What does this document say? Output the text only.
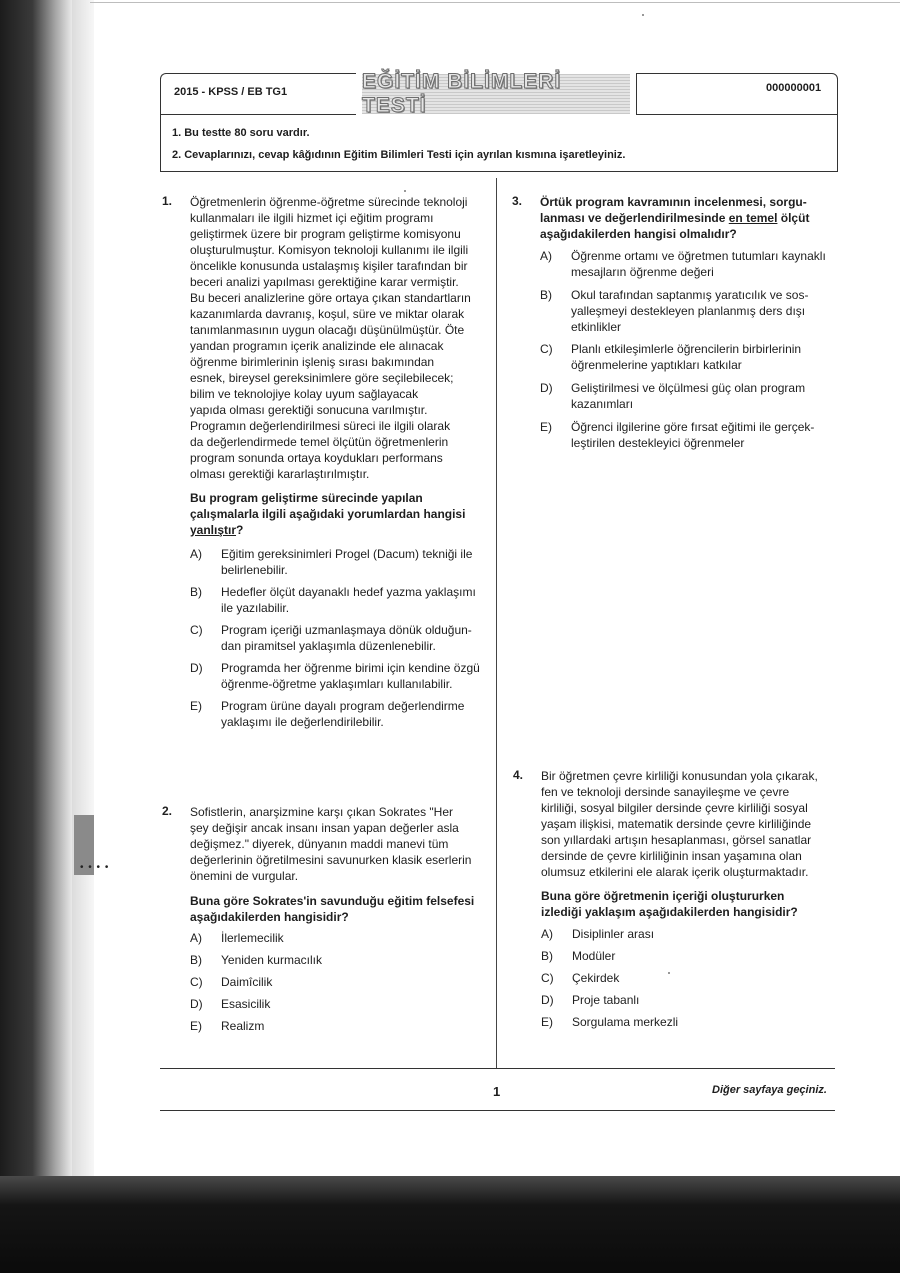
• • • •
2015 - KPSS / EB TG1	EĞİTİM BİLİMLERİ TESTİ
000000001
1. Bu testte 80 soru vardır.
2. Cevaplarınızı, cevap kâğıdının Eğitim Bilimleri Testi için ayrılan kısmına işaretleyiniz.
1. Öğretmenlerin öğrenme-öğretme sürecinde teknoloji
kullanmaları ile ilgili hizmet içi eğitim programı
geliştirmek üzere bir program geliştirme komisyonu
oluşturulmuştur. Komisyon teknoloji kullanımı ile ilgili
öncelikle konusunda ustalaşmış kişiler tarafından bir
beceri analizi yapılması gerektiğine karar vermiştir.
Bu beceri analizlerine göre ortaya çıkan standartların
kazanımlarda davranış, koşul, süre ve miktar olarak
tanımlanmasının uygun olacağı düşünülmüştür. Öte
yandan programın içerik analizinde ele alınacak
öğrenme birimlerinin işleniş sırası bakımından
esnek, bireysel gereksinimlere göre seçilebilecek;
bilim ve teknolojiye kolay uyum sağlayacak
yapıda olması gerektiği sonucuna varılmıştır.
Programın değerlendirilmesi süreci ile ilgili olarak
da değerlendirmede temel ölçütün öğretmenlerin
program sonunda ortaya koydukları performans
olması gerektiği kararlaştırılmıştır.
Bu program geliştirme sürecinde yapılan
çalışmalarla ilgili aşağıdaki yorumlardan hangisi
yanlıştır?
A)	Eğitim gereksinimleri Progel (Dacum) tekniği ile
belirlenebilir.
B)	Hedefler ölçüt dayanaklı hedef yazma yaklaşımı
ile yazılabilir.
C)	Program içeriği uzmanlaşmaya dönük olduğun-
dan piramitsel yaklaşımla düzenlenebilir.
D)	Programda her öğrenme birimi için kendine özgü
öğrenme-öğretme yaklaşımları kullanılabilir.
E)	Program ürüne dayalı program değerlendirme
yaklaşımı ile değerlendirilebilir.
2. Sofistlerin, anarşizmine karşı çıkan Sokrates "Her
şey değişir ancak insanı insan yapan değerler asla
değişmez." diyerek, dünyanın maddi manevi tüm
değerlerinin öğretilmesini savunurken klasik eserlerin
önemini de vurgular.
Buna göre Sokrates'in savunduğu eğitim felsefesi
aşağıdakilerden hangisidir?
A)	İlerlemecilik
B)	Yeniden kurmacılık
C)	Daimîcilik
D)	Esasicilik
E)	Realizm
3. Örtük program kavramının incelenmesi, sorgu-
lanması ve değerlendirilmesinde en temel ölçüt
aşağıdakilerden hangisi olmalıdır?
A)	Öğrenme ortamı ve öğretmen tutumları kaynaklı
mesajların öğrenme değeri
B)	Okul tarafından saptanmış yaratıcılık ve sos-
yalleşmeyi destekleyen planlanmış ders dışı
etkinlikler
C)	Planlı etkileşimlerle öğrencilerin birbirlerinin
öğrenmelerine yaptıkları katkılar
D)	Geliştirilmesi ve ölçülmesi güç olan program
kazanımları
E)	Öğrenci ilgilerine göre fırsat eğitimi ile gerçek-
leştirilen destekleyici öğrenmeler
4. Bir öğretmen çevre kirliliği konusundan yola çıkarak,
fen ve teknoloji dersinde sanayileşme ve çevre
kirliliği, sosyal bilgiler dersinde çevre kirliliği sosyal
yaşam ilişkisi, matematik dersinde çevre kirliliğinde
son yıllardaki artışın hesaplanması, görsel sanatlar
dersinde de çevre kirliliğinin insan yaşamına olan
olumsuz etkilerini ele alarak içerik oluşturmaktadır.
Buna göre öğretmenin içeriği oluştururken
izlediği yaklaşım aşağıdakilerden hangisidir?
A)	Disiplinler arası
B)	Modüler
C)	Çekirdek
D)	Proje tabanlı
E)	Sorgulama merkezli
1	Diğer sayfaya geçiniz.
